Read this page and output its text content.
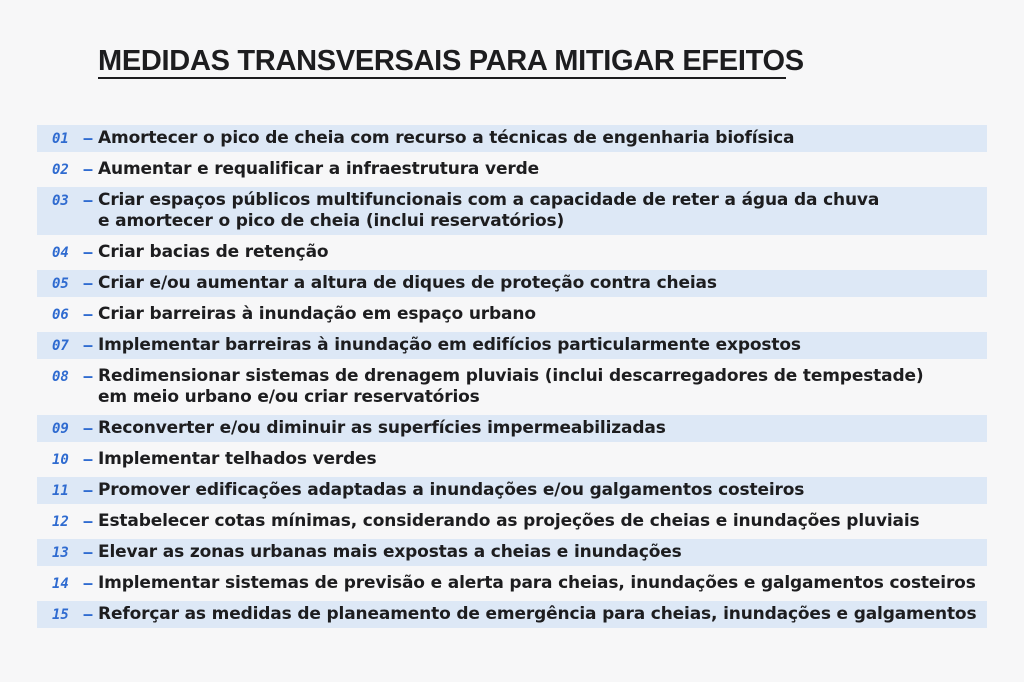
MEDIDAS TRANSVERSAIS PARA MITIGAR EFEITOS
01 – Amortecer o pico de cheia com recurso a técnicas de engenharia biofísica
02 – Aumentar e requalificar a infraestrutura verde
03 – Criar espaços públicos multifuncionais com a capacidade de reter a água da chuva
e amortecer o pico de cheia (inclui reservatórios)
04 – Criar bacias de retenção
05 – Criar e/ou aumentar a altura de diques de proteção contra cheias
06 – Criar barreiras à inundação em espaço urbano
07 – Implementar barreiras à inundação em edifícios particularmente expostos
08 – Redimensionar sistemas de drenagem pluviais (inclui descarregadores de tempestade)
em meio urbano e/ou criar reservatórios
09 – Reconverter e/ou diminuir as superfícies impermeabilizadas
10 – Implementar telhados verdes
11 – Promover edificações adaptadas a inundações e/ou galgamentos costeiros
12 – Estabelecer cotas mínimas, considerando as projeções de cheias e inundações pluviais
13 – Elevar as zonas urbanas mais expostas a cheias e inundações
14 – Implementar sistemas de previsão e alerta para cheias, inundações e galgamentos costeiros
15 – Reforçar as medidas de planeamento de emergência para cheias, inundações e galgamentos
